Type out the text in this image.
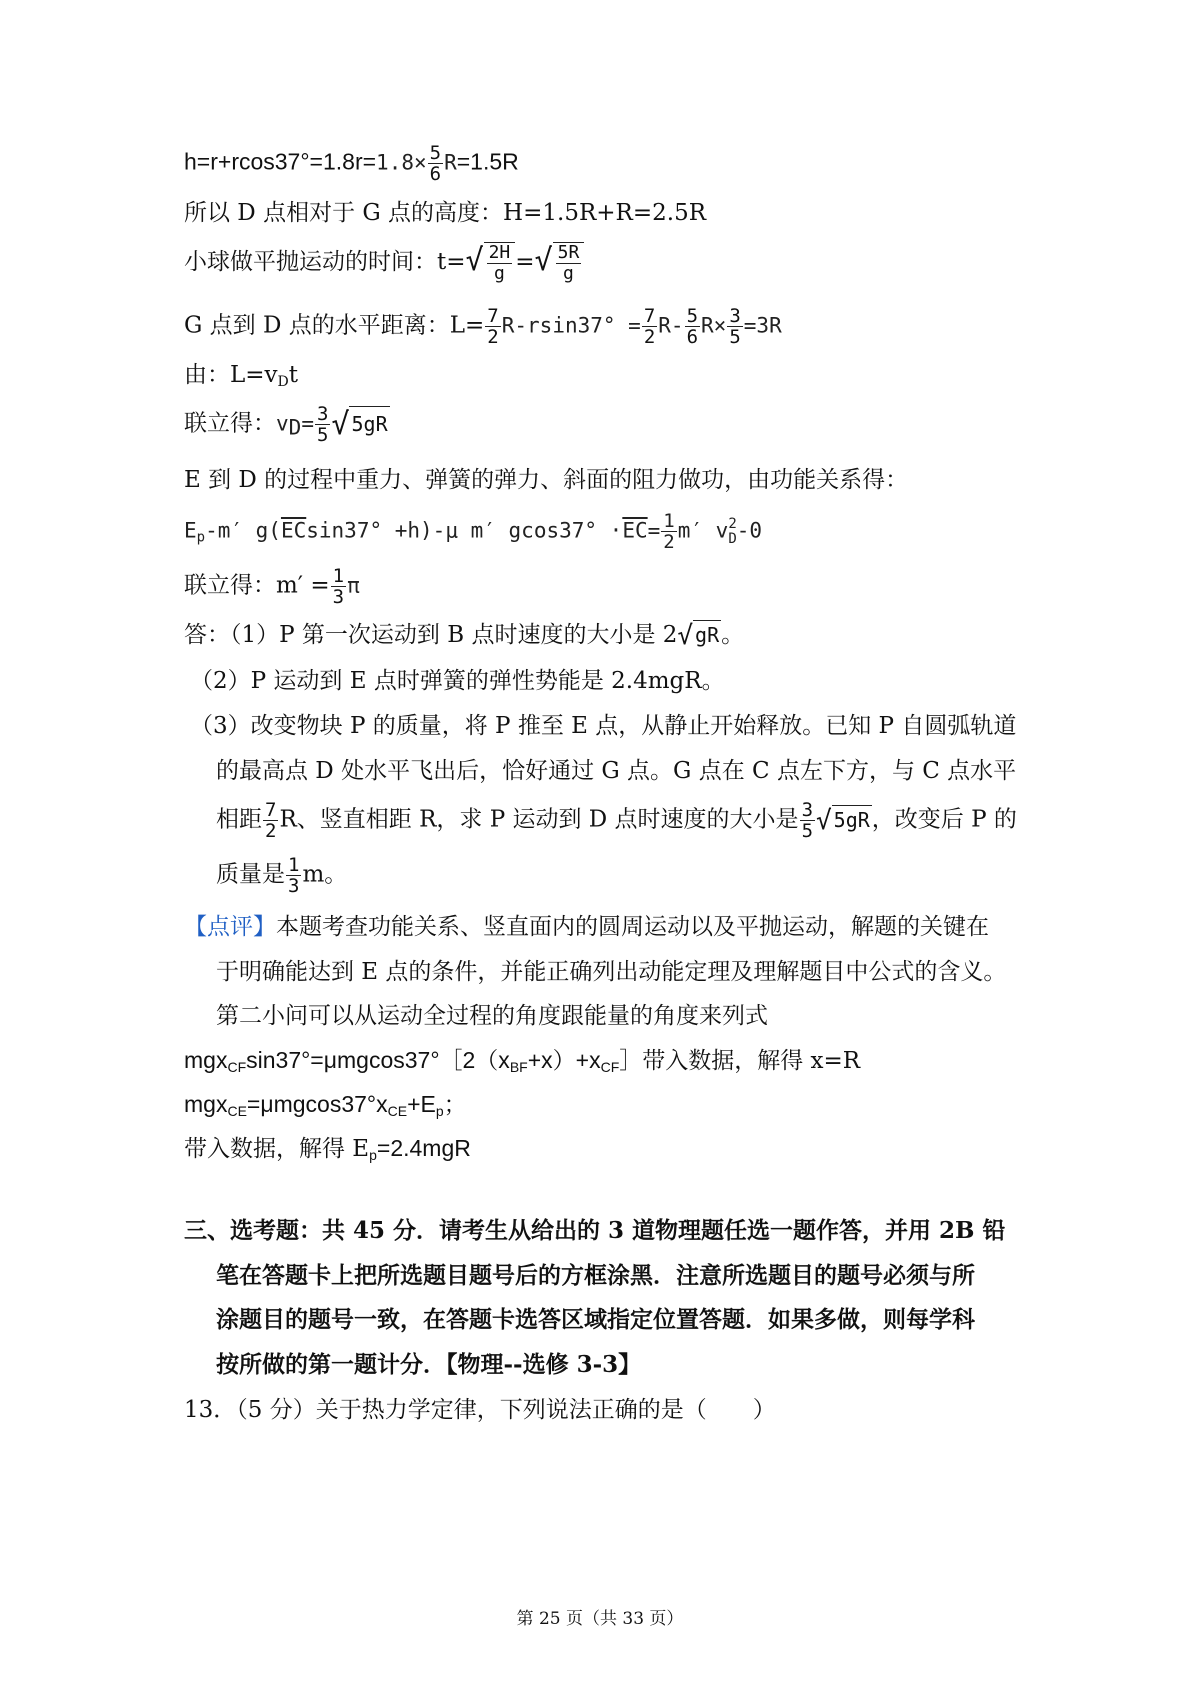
$h=r+rcos37^\circ=1.8r=1.8\times \frac{5}{6} R=1.5R$
所以 D 点相对于 G 点的高度：H=1.5R+R=2.5R
小球做平抛运动的时间：t= √ $\frac{2H}{g}$ = √ $\frac{5R}{g}$
G 点到 D 点的水平距离：$L= \frac{7}{2} R-rsin37^\circ = \frac{7}{2} R- \frac{5}{6} R\times \frac{3}{5} =3R$
由：$L=v_Dt$
联立得：$v_D= \frac{3}{5}$ √ 5gR
E 到 D 的过程中重力、弹簧的弹力、斜面的阻力做功，由功能关系得：
$E_p-m'$ $g(\overline{EC}\sin 37^\circ +h)-\mu$ m′ $gcos37^\circ \cdot\overline{EC}= \frac{1}{2} m'$ v 2
D -0
联立得：$m' = \frac{1}{3}$ π
答：（1）P 第一次运动到 B 点时速度的大小是 2 √ gR 。
（2）P 运动到 E 点时弹簧的弹性势能是 2.4mgR。
（3）改变物块 P 的质量，将 P 推至 E 点，从静止开始释放。已知 P 自圆弧轨道
的最高点 D 处水平飞出后，恰好通过 G 点。G 点在 C 点左下方，与 C 点水平
相距 $\frac{7}{2}$ R、竖直相距 R，求 P 运动到 D 点时速度的大小是 $\frac{3}{5}$ √ 5gR ，改变后 P 的
质量是 $\frac{1}{3}$ m。
【点评】本题考查功能关系、竖直面内的圆周运动以及平抛运动，解题的关键在
于明确能达到 E 点的条件，并能正确列出动能定理及理解题目中公式的含义。
第二小问可以从运动全过程的角度跟能量的角度来列式
$mgx_{CF}\sin 37^\circ=\mu mgcos37^\circ[2(x_{BF}+x)+x_{CF}]$带入数据，解得 x=R
$mgx_{CE}=\mu mgcos37^\circ x_{CE}+E_p$；
带入数据，解得 $E_p=2.4mgR$
三、选考题：共 45 分．请考生从给出的 3 道物理题任选一题作答，并用 2B 铅
笔在答题卡上把所选题目题号后的方框涂黑．注意所选题目的题号必须与所
涂题目的题号一致，在答题卡选答区域指定位置答题．如果多做，则每学科
按所做的第一题计分．【物理--选修 3-3】
13．（5 分）关于热力学定律，下列说法正确的是（　　）
第 25 页（共 33 页）
